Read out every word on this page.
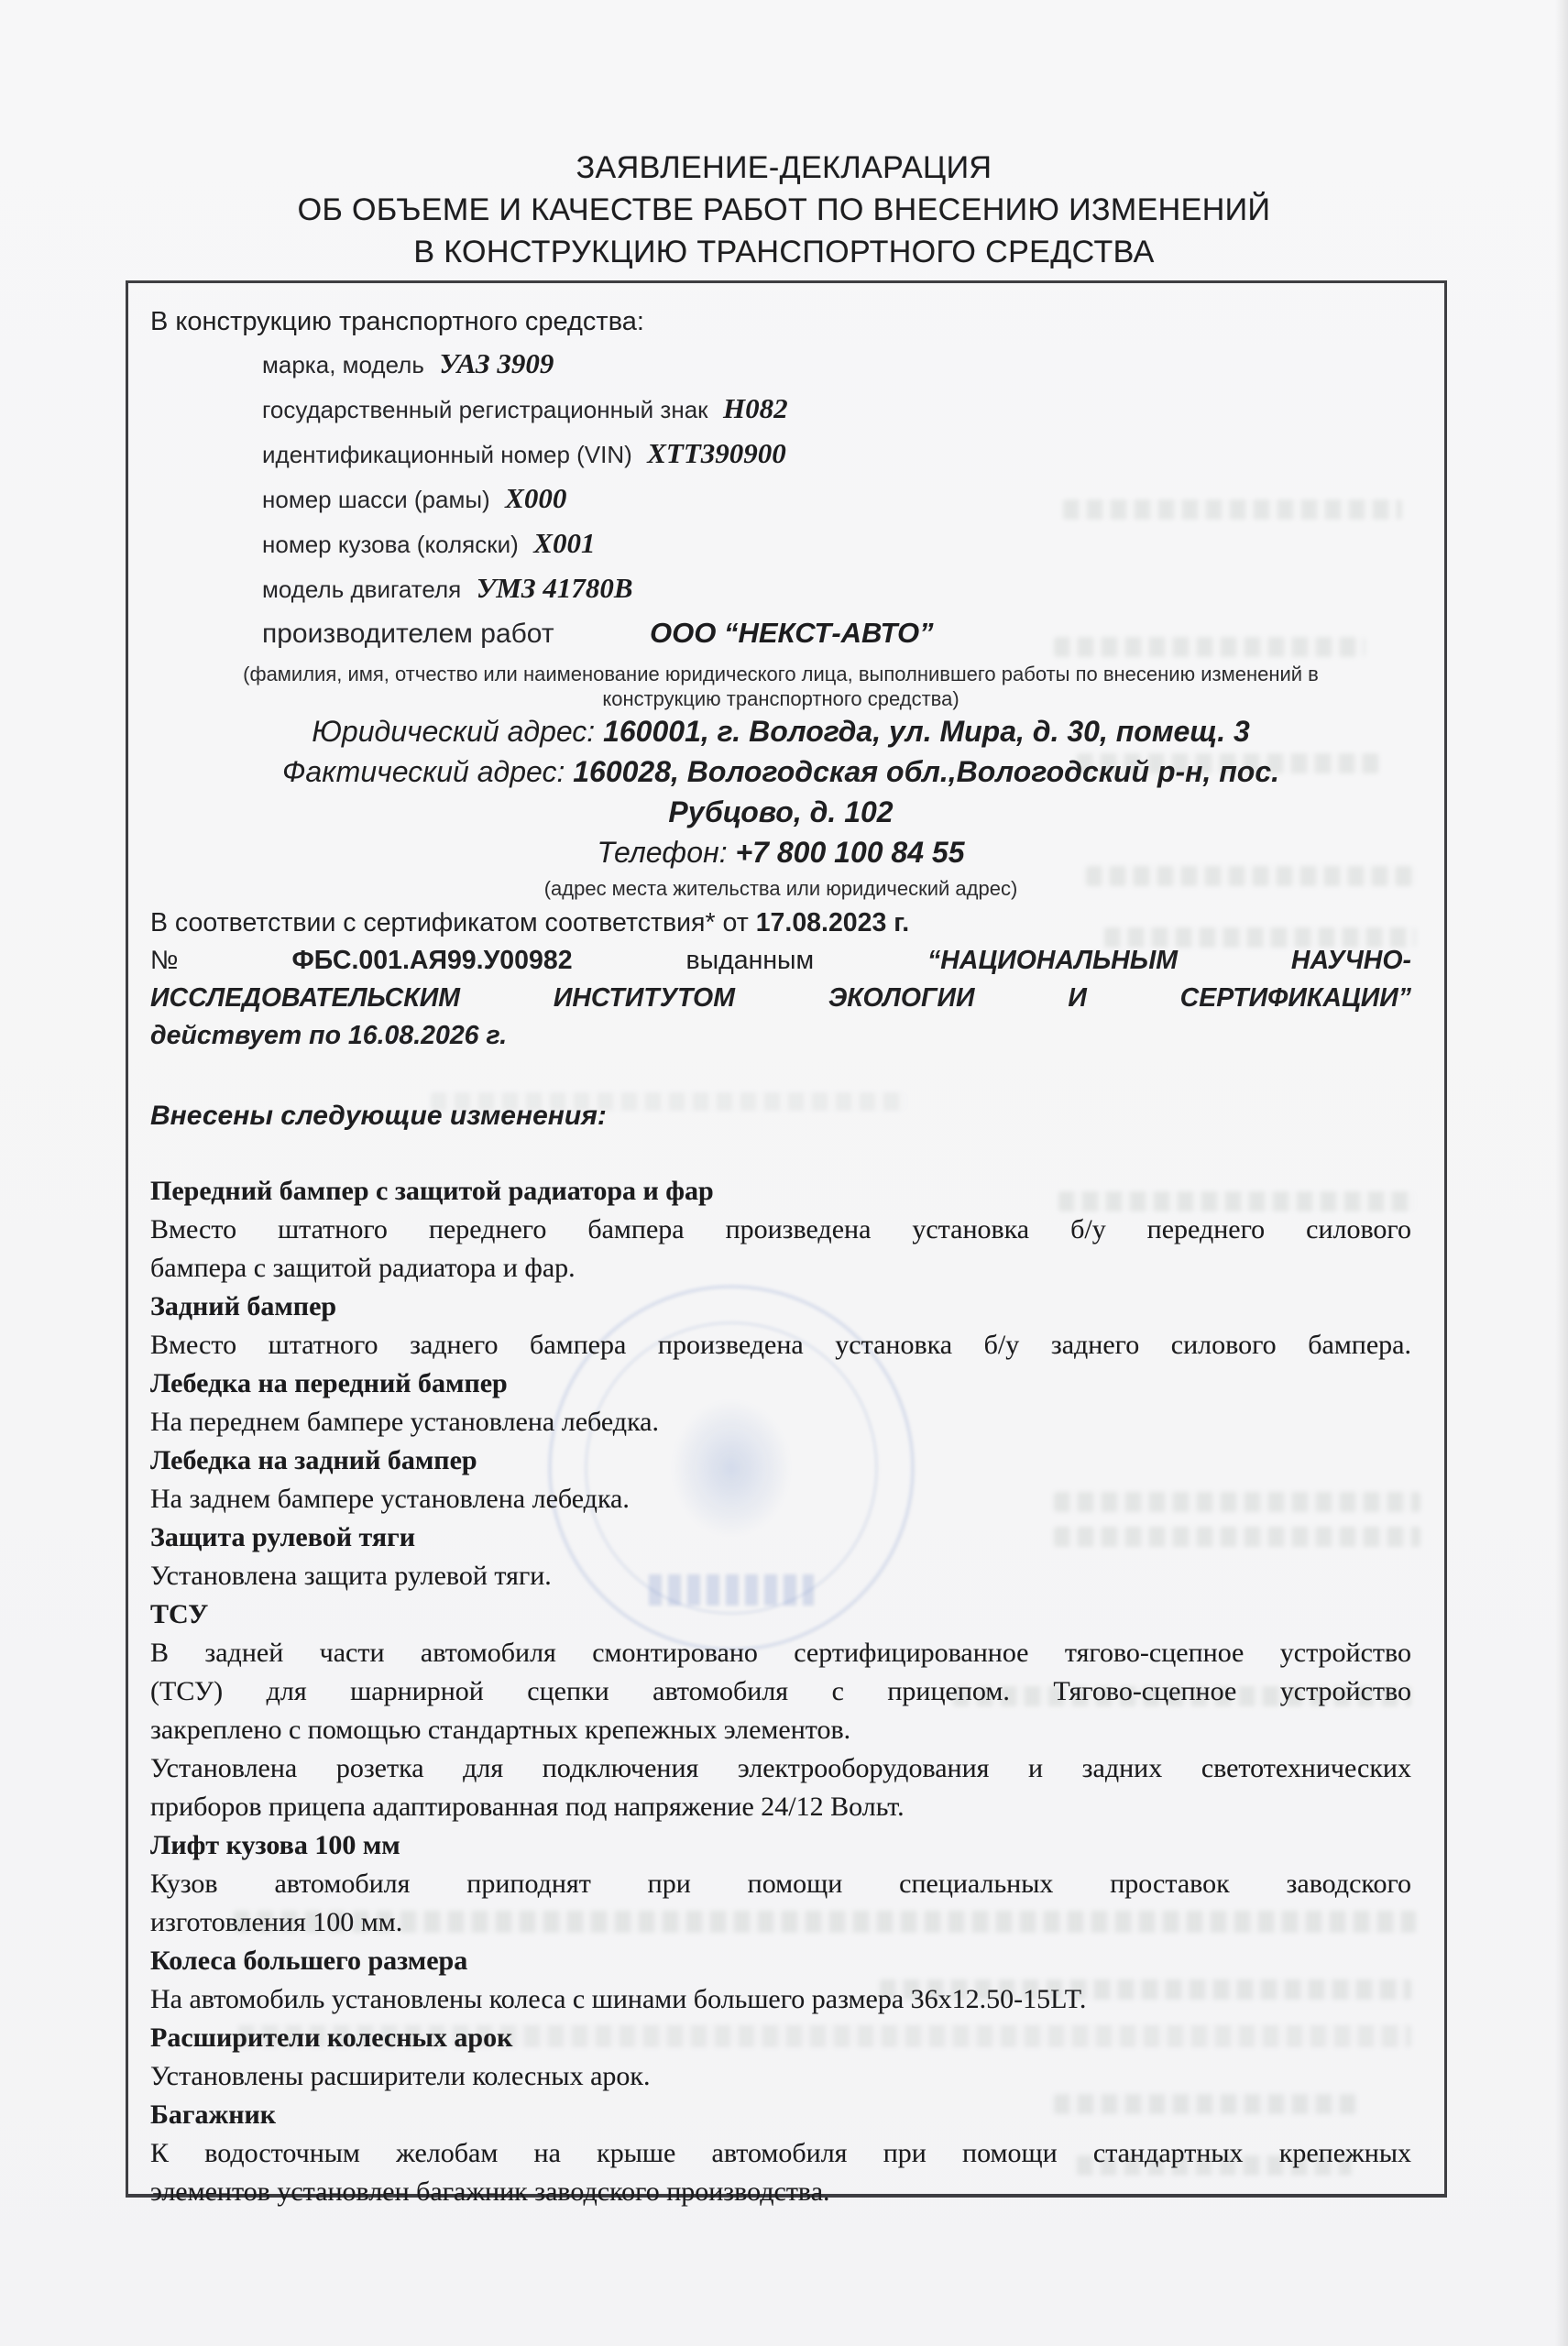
ЗАЯВЛЕНИЕ-ДЕКЛАРАЦИЯ
ОБ ОБЪЕМЕ И КАЧЕСТВЕ РАБОТ ПО ВНЕСЕНИЮ ИЗМЕНЕНИЙ
В КОНСТРУКЦИЮ ТРАНСПОРТНОГО СРЕДСТВА
В конструкцию транспортного средства:
марка, модель УАЗ 3909
государственный регистрационный знак Н082
идентификационный номер (VIN) XTT390900
номер шасси (рамы) X000
номер кузова (коляски) X001
модель двигателя УМЗ 41780В
производителем работ	ООО “НЕКСТ-АВТО”
(фамилия, имя, отчество или наименование юридического лица, выполнившего работы по внесению изменений в
конструкцию транспортного средства)
Юридический адрес: 160001, г. Вологда, ул. Мира, д. 30, помещ. 3
Фактический адрес: 160028, Вологодская обл.,Вологодский р-н, пос.
Рубцово, д. 102
Телефон: +7 800 100 84 55
(адрес места жительства или юридический адрес)
В соответствии с сертификатом соответствия* от 17.08.2023 г.
№	ФБС.001.АЯ99.У00982	выданным	“НАЦИОНАЛЬНЫМ	НАУЧНО-
ИССЛЕДОВАТЕЛЬСКИМ	ИНСТИТУТОМ	ЭКОЛОГИИ	И	СЕРТИФИКАЦИИ”
действует по 16.08.2026 г.
Внесены следующие изменения:
Передний бампер с защитой радиатора и фар
Вместо штатного переднего бампера произведена установка б/у переднего силового
бампера с защитой радиатора и фар.
Задний бампер
Вместо штатного заднего бампера произведена установка б/у заднего силового бампера.
Лебедка на передний бампер
На переднем бампере установлена лебедка.
Лебедка на задний бампер
На заднем бампере установлена лебедка.
Защита рулевой тяги
Установлена защита рулевой тяги.
ТСУ
В задней части автомобиля смонтировано сертифицированное тягово-сцепное устройство
(ТСУ) для шарнирной сцепки автомобиля с прицепом. Тягово-сцепное устройство
закреплено с помощью стандартных крепежных элементов.
Установлена розетка для подключения электрооборудования и задних светотехнических
приборов прицепа адаптированная под напряжение 24/12 Вольт.
Лифт кузова 100 мм
Кузов автомобиля приподнят при помощи специальных проставок заводского
изготовления 100 мм.
Колеса большего размера
На автомобиль установлены колеса с шинами большего размера 36х12.50-15LT.
Расширители колесных арок
Установлены расширители колесных арок.
Багажник
К водосточным желобам на крыше автомобиля при помощи стандартных крепежных
элементов установлен багажник заводского производства.
